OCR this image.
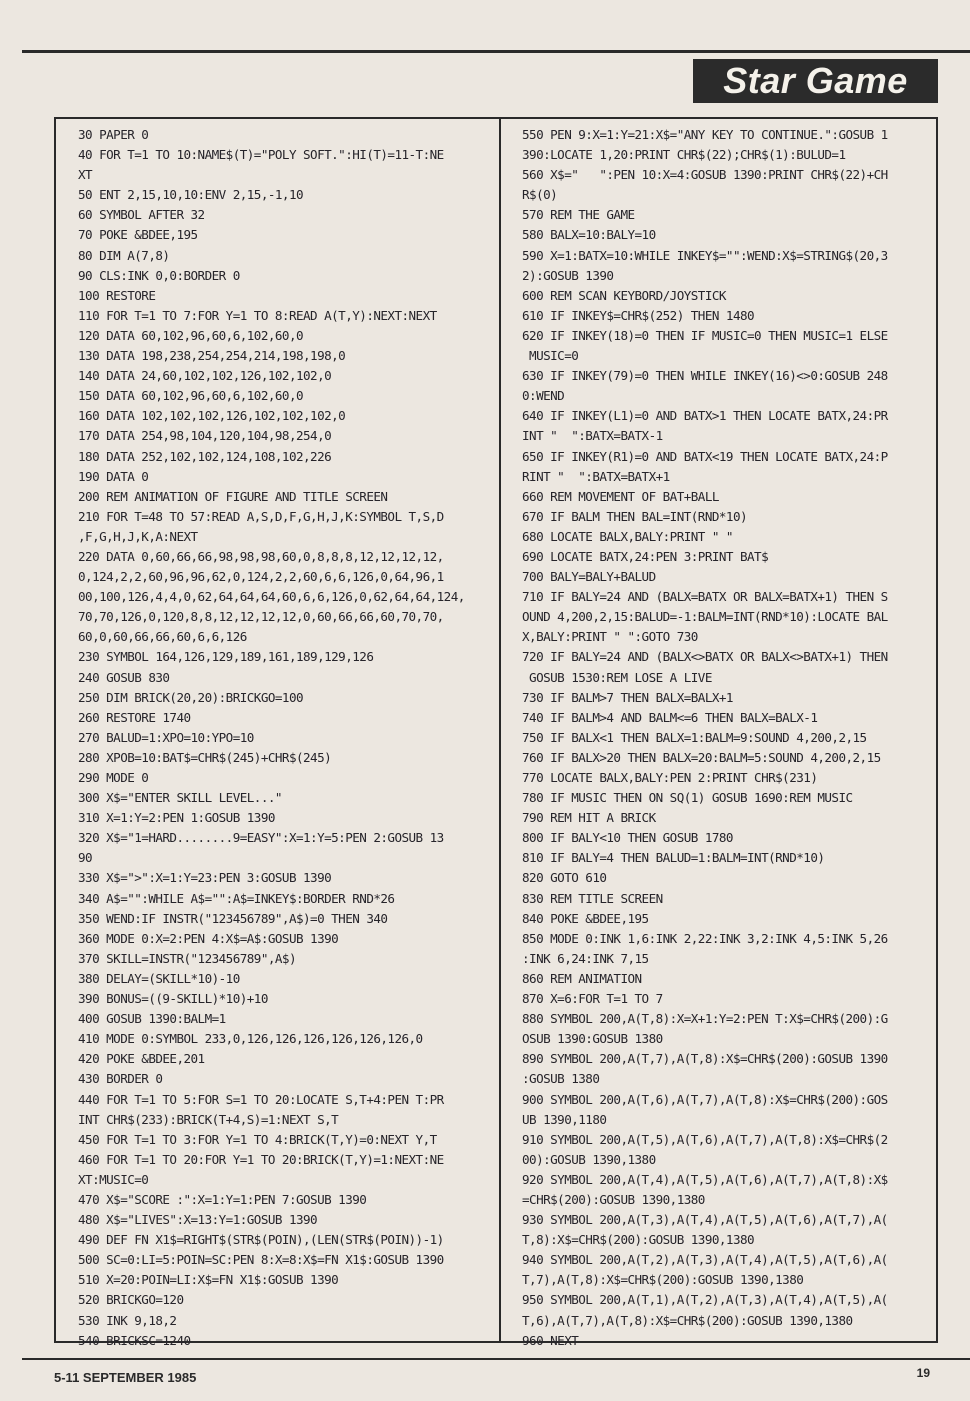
Star Game
30 PAPER 0
40 FOR T=1 TO 10:NAME$(T)="POLY SOFT.":HI(T)=11-T:NE
XT
50 ENT 2,15,10,10:ENV 2,15,-1,10
60 SYMBOL AFTER 32
70 POKE &BDEE,195
80 DIM A(7,8)
90 CLS:INK 0,0:BORDER 0
100 RESTORE
110 FOR T=1 TO 7:FOR Y=1 TO 8:READ A(T,Y):NEXT:NEXT
120 DATA 60,102,96,60,6,102,60,0
130 DATA 198,238,254,254,214,198,198,0
140 DATA 24,60,102,102,126,102,102,0
150 DATA 60,102,96,60,6,102,60,0
160 DATA 102,102,102,126,102,102,102,0
170 DATA 254,98,104,120,104,98,254,0
180 DATA 252,102,102,124,108,102,226
190 DATA 0
200 REM ANIMATION OF FIGURE AND TITLE SCREEN
210 FOR T=48 TO 57:READ A,S,D,F,G,H,J,K:SYMBOL T,S,D
,F,G,H,J,K,A:NEXT
220 DATA 0,60,66,66,98,98,98,60,0,8,8,8,12,12,12,12,
0,124,2,2,60,96,96,62,0,124,2,2,60,6,6,126,0,64,96,1
00,100,126,4,4,0,62,64,64,64,60,6,6,126,0,62,64,64,124,
70,70,126,0,120,8,8,12,12,12,12,0,60,66,66,60,70,70,
60,0,60,66,66,60,6,6,126
230 SYMBOL 164,126,129,189,161,189,129,126
240 GOSUB 830
250 DIM BRICK(20,20):BRICKGO=100
260 RESTORE 1740
270 BALUD=1:XPO=10:YPO=10
280 XPOB=10:BAT$=CHR$(245)+CHR$(245)
290 MODE 0
300 X$="ENTER SKILL LEVEL..."
310 X=1:Y=2:PEN 1:GOSUB 1390
320 X$="1=HARD........9=EASY":X=1:Y=5:PEN 2:GOSUB 13
90
330 X$=">":X=1:Y=23:PEN 3:GOSUB 1390
340 A$="":WHILE A$="":A$=INKEY$:BORDER RND*26
350 WEND:IF INSTR("123456789",A$)=0 THEN 340
360 MODE 0:X=2:PEN 4:X$=A$:GOSUB 1390
370 SKILL=INSTR("123456789",A$)
380 DELAY=(SKILL*10)-10
390 BONUS=((9-SKILL)*10)+10
400 GOSUB 1390:BALM=1
410 MODE 0:SYMBOL 233,0,126,126,126,126,126,126,0
420 POKE &BDEE,201
430 BORDER 0
440 FOR T=1 TO 5:FOR S=1 TO 20:LOCATE S,T+4:PEN T:PR
INT CHR$(233):BRICK(T+4,S)=1:NEXT S,T
450 FOR T=1 TO 3:FOR Y=1 TO 4:BRICK(T,Y)=0:NEXT Y,T
460 FOR T=1 TO 20:FOR Y=1 TO 20:BRICK(T,Y)=1:NEXT:NE
XT:MUSIC=0
470 X$="SCORE :":X=1:Y=1:PEN 7:GOSUB 1390
480 X$="LIVES":X=13:Y=1:GOSUB 1390
490 DEF FN X1$=RIGHT$(STR$(POIN),(LEN(STR$(POIN))-1)
500 SC=0:LI=5:POIN=SC:PEN 8:X=8:X$=FN X1$:GOSUB 1390
510 X=20:POIN=LI:X$=FN X1$:GOSUB 1390
520 BRICKGO=120
530 INK 9,18,2
540 BRICKSC=1240
550 PEN 9:X=1:Y=21:X$="ANY KEY TO CONTINUE.":GOSUB 1
390:LOCATE 1,20:PRINT CHR$(22);CHR$(1):BULUD=1
560 X$="   ":PEN 10:X=4:GOSUB 1390:PRINT CHR$(22)+CH
R$(0)
570 REM THE GAME
580 BALX=10:BALY=10
590 X=1:BATX=10:WHILE INKEY$="":WEND:X$=STRING$(20,3
2):GOSUB 1390
600 REM SCAN KEYBORD/JOYSTICK
610 IF INKEY$=CHR$(252) THEN 1480
620 IF INKEY(18)=0 THEN IF MUSIC=0 THEN MUSIC=1 ELSE
MUSIC=0
630 IF INKEY(79)=0 THEN WHILE INKEY(16)<>0:GOSUB 248
0:WEND
640 IF INKEY(L1)=0 AND BATX>1 THEN LOCATE BATX,24:PR
INT "  ":BATX=BATX-1
650 IF INKEY(R1)=0 AND BATX<19 THEN LOCATE BATX,24:P
RINT "  ":BATX=BATX+1
660 REM MOVEMENT OF BAT+BALL
670 IF BALM THEN BAL=INT(RND*10)
680 LOCATE BALX,BALY:PRINT " "
690 LOCATE BATX,24:PEN 3:PRINT BAT$
700 BALY=BALY+BALUD
710 IF BALY=24 AND (BALX=BATX OR BALX=BATX+1) THEN S
OUND 4,200,2,15:BALUD=-1:BALM=INT(RND*10):LOCATE BAL
X,BALY:PRINT " ":GOTO 730
720 IF BALY=24 AND (BALX<>BATX OR BALX<>BATX+1) THEN
GOSUB 1530:REM LOSE A LIVE
730 IF BALM>7 THEN BALX=BALX+1
740 IF BALM>4 AND BALM<=6 THEN BALX=BALX-1
750 IF BALX<1 THEN BALX=1:BALM=9:SOUND 4,200,2,15
760 IF BALX>20 THEN BALX=20:BALM=5:SOUND 4,200,2,15
770 LOCATE BALX,BALY:PEN 2:PRINT CHR$(231)
780 IF MUSIC THEN ON SQ(1) GOSUB 1690:REM MUSIC
790 REM HIT A BRICK
800 IF BALY<10 THEN GOSUB 1780
810 IF BALY=4 THEN BALUD=1:BALM=INT(RND*10)
820 GOTO 610
830 REM TITLE SCREEN
840 POKE &BDEE,195
850 MODE 0:INK 1,6:INK 2,22:INK 3,2:INK 4,5:INK 5,26
:INK 6,24:INK 7,15
860 REM ANIMATION
870 X=6:FOR T=1 TO 7
880 SYMBOL 200,A(T,8):X=X+1:Y=2:PEN T:X$=CHR$(200):G
OSUB 1390:GOSUB 1380
890 SYMBOL 200,A(T,7),A(T,8):X$=CHR$(200):GOSUB 1390
:GOSUB 1380
900 SYMBOL 200,A(T,6),A(T,7),A(T,8):X$=CHR$(200):GOS
UB 1390,1180
910 SYMBOL 200,A(T,5),A(T,6),A(T,7),A(T,8):X$=CHR$(2
00):GOSUB 1390,1380
920 SYMBOL 200,A(T,4),A(T,5),A(T,6),A(T,7),A(T,8):X$
=CHR$(200):GOSUB 1390,1380
930 SYMBOL 200,A(T,3),A(T,4),A(T,5),A(T,6),A(T,7),A(
T,8):X$=CHR$(200):GOSUB 1390,1380
940 SYMBOL 200,A(T,2),A(T,3),A(T,4),A(T,5),A(T,6),A(
T,7),A(T,8):X$=CHR$(200):GOSUB 1390,1380
950 SYMBOL 200,A(T,1),A(T,2),A(T,3),A(T,4),A(T,5),A(
T,6),A(T,7),A(T,8):X$=CHR$(200):GOSUB 1390,1380
960 NEXT
5-11 SEPTEMBER 1985	19
